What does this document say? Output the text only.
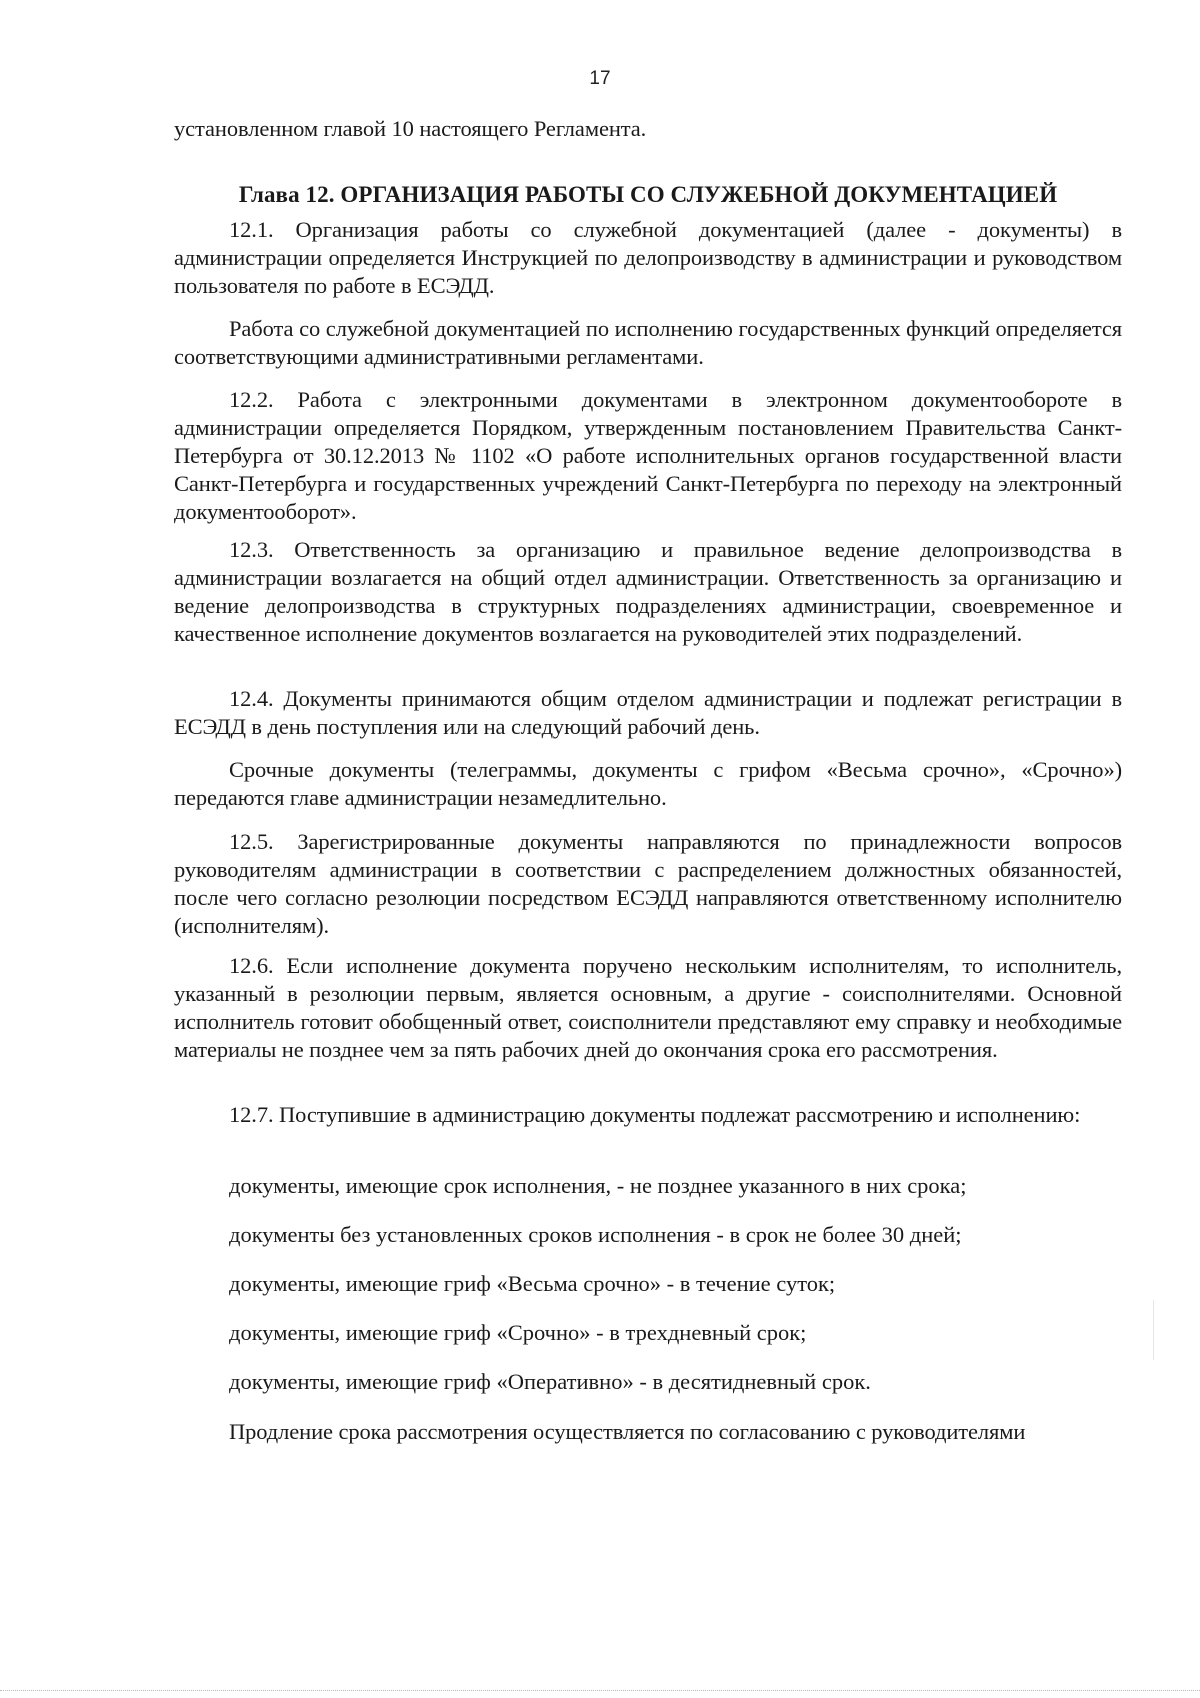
17
установленном главой 10 настоящего Регламента.
Глава 12. ОРГАНИЗАЦИЯ РАБОТЫ СО СЛУЖЕБНОЙ ДОКУМЕНТАЦИЕЙ
12.1. Организация работы со служебной документацией (далее - документы) в администрации определяется Инструкцией по делопроизводству в администрации и руководством пользователя по работе в ЕСЭДД.
Работа со служебной документацией по исполнению государственных функций определяется соответствующими административными регламентами.
12.2. Работа с электронными документами в электронном документообороте в администрации определяется Порядком, утвержденным постановлением Правительства Санкт-Петербурга от 30.12.2013 № 1102 «О работе исполнительных органов государственной власти Санкт-Петербурга и государственных учреждений Санкт-Петербурга по переходу на электронный документооборот».
12.3. Ответственность за организацию и правильное ведение делопроизводства в администрации возлагается на общий отдел администрации. Ответственность за организацию и ведение делопроизводства в структурных подразделениях администрации, своевременное и качественное исполнение документов возлагается на руководителей этих подразделений.
12.4. Документы принимаются общим отделом администрации и подлежат регистрации в ЕСЭДД в день поступления или на следующий рабочий день.
Срочные документы (телеграммы, документы с грифом «Весьма срочно», «Срочно») передаются главе администрации незамедлительно.
12.5. Зарегистрированные документы направляются по принадлежности вопросов руководителям администрации в соответствии с распределением должностных обязанностей, после чего согласно резолюции посредством ЕСЭДД направляются ответственному исполнителю (исполнителям).
12.6. Если исполнение документа поручено нескольким исполнителям, то исполнитель, указанный в резолюции первым, является основным, а другие - соисполнителями. Основной исполнитель готовит обобщенный ответ, соисполнители представляют ему справку и необходимые материалы не позднее чем за пять рабочих дней до окончания срока его рассмотрения.
12.7. Поступившие в администрацию документы подлежат рассмотрению и исполнению:
документы, имеющие срок исполнения, - не позднее указанного в них срока;
документы без установленных сроков исполнения - в срок не более 30 дней;
документы, имеющие гриф «Весьма срочно» - в течение суток;
документы, имеющие гриф «Срочно» - в трехдневный срок;
документы, имеющие гриф «Оперативно» - в десятидневный срок.
Продление срока рассмотрения осуществляется по согласованию с руководителями
